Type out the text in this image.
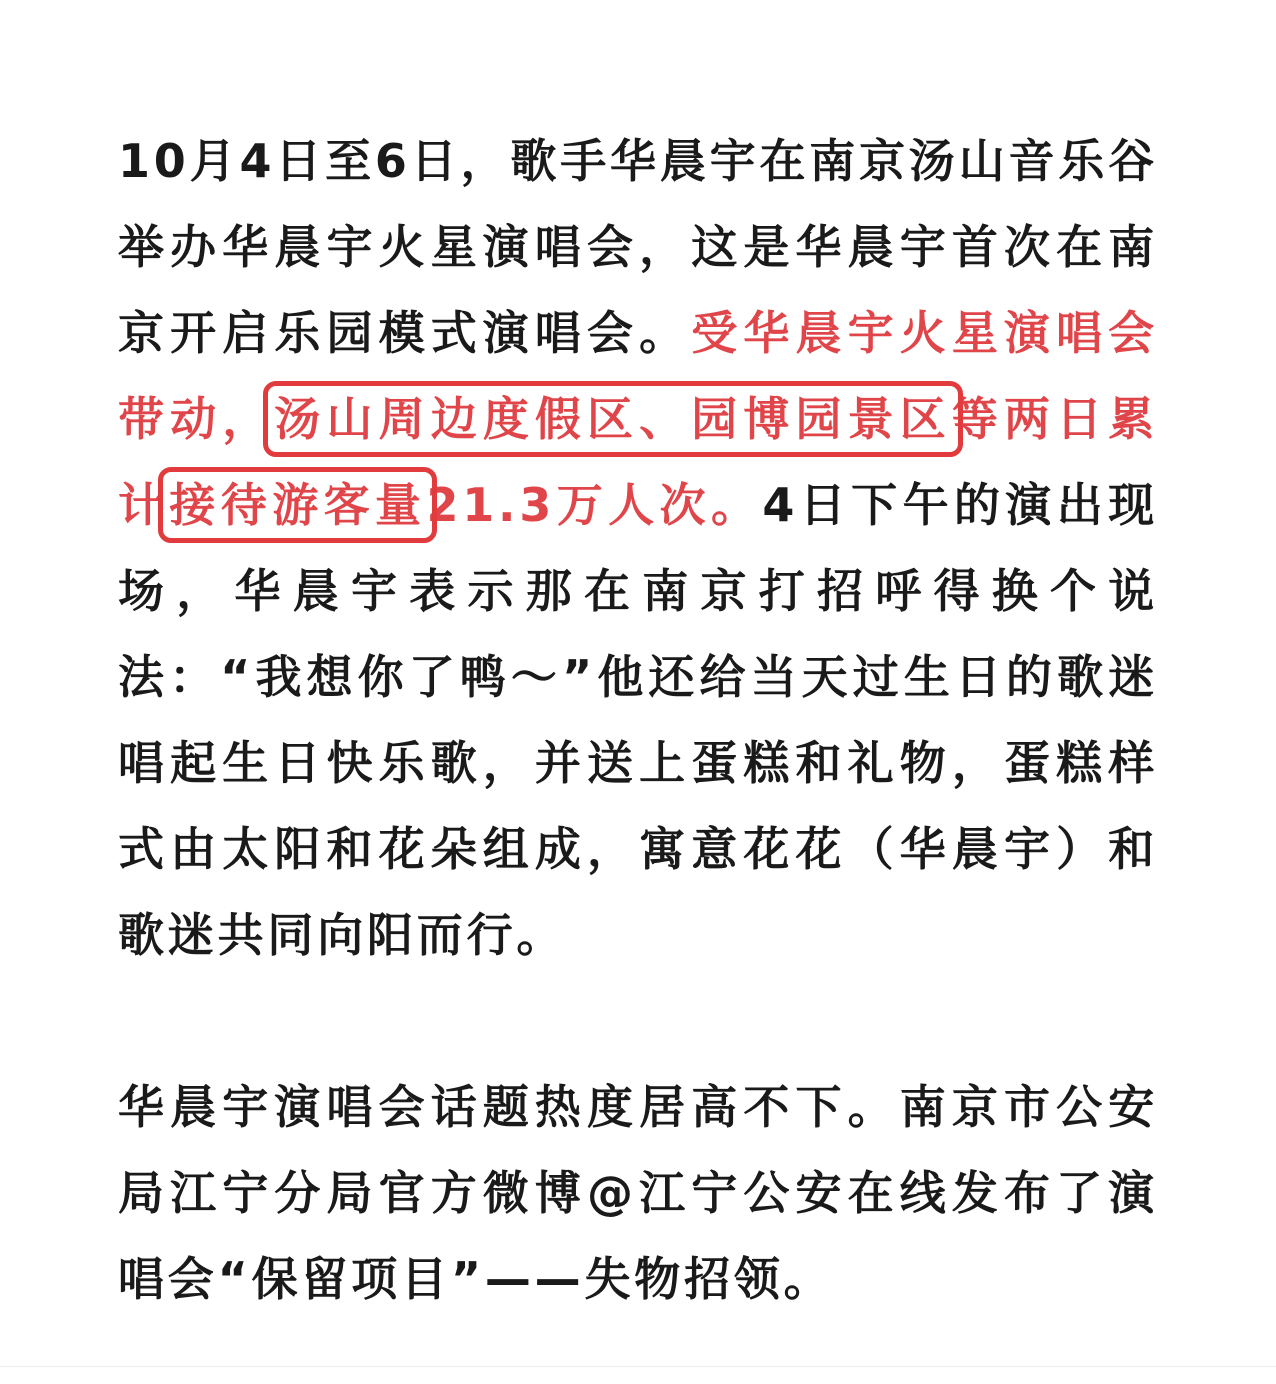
10月4日至6日，歌手华晨宇在南京汤山音乐谷举办华晨宇火星演唱会，这是华晨宇首次在南京开启乐园模式演唱会。受华晨宇火星演唱会带动，汤山周边度假区、园博园景区等两日累计接待游客量21.3万人次。4日下午的演出现场，华晨宇表示那在南京打招呼得换个说法：“我想你了鸭～”他还给当天过生日的歌迷唱起生日快乐歌，并送上蛋糕和礼物，蛋糕样式由太阳和花朵组成，寓意花花（华晨宇）和歌迷共同向阳而行。

华晨宇演唱会话题热度居高不下。南京市公安局江宁分局官方微博@江宁公安在线发布了演唱会“保留项目”——失物招领。
